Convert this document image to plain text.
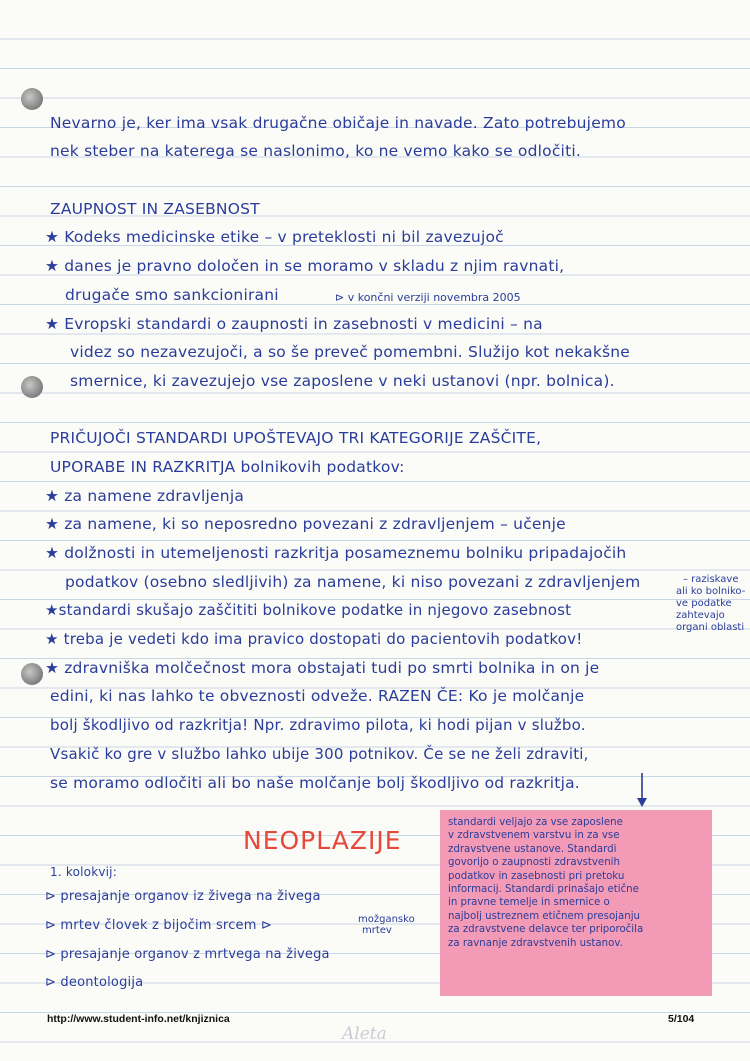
Nevarno je, ker ima vsak drugačne običaje in navade. Zato potrebujemo
nek steber na katerega se naslonimo, ko ne vemo kako se odločiti.
ZAUPNOST IN ZASEBNOST
★ Kodeks medicinske etike – v preteklosti ni bil zavezujoč
★ danes je pravno določen in se moramo v skladu z njim ravnati,
drugače smo sankcionirani	⊳ v končni verziji novembra 2005
★ Evropski standardi o zaupnosti in zasebnosti v medicini – na
videz so nezavezujoči, a so še preveč pomembni. Služijo kot nekakšne
smernice, ki zavezujejo vse zaposlene v neki ustanovi (npr. bolnica).
PRIČUJOČI STANDARDI UPOŠTEVAJO TRI KATEGORIJE ZAŠČITE,
UPORABE IN RAZKRITJA bolnikovih podatkov:
★ za namene zdravljenja
★ za namene, ki so neposredno povezani z zdravljenjem – učenje
★ dolžnosti in utemeljenosti razkritja posameznemu bolniku pripadajočih
podatkov (osebno sledljivih) za namene, ki niso povezani z zdravljenjem	– raziskave
ali ko bolniko-
ve podatke
zahtevajo
organi oblasti
★standardi skušajo zaščititi bolnikove podatke in njegovo zasebnost
★ treba je vedeti kdo ima pravico dostopati do pacientovih podatkov!
★ zdravniška molčečnost mora obstajati tudi po smrti bolnika in on je
edini, ki nas lahko te obveznosti odveže. RAZEN ČE: Ko je molčanje
bolj škodljivo od razkritja! Npr. zdravimo pilota, ki hodi pijan v službo.
Vsakič ko gre v službo lahko ubije 300 potnikov. Če se ne želi zdraviti,
se moramo odločiti ali bo naše molčanje bolj škodljivo od razkritja.
NEOPLAZIJE
1. kolokvij:
⊳ presajanje organov iz živega na živega
⊳ mrtev človek z bijočim srcem ⊳	možgansko
mrtev
⊳ presajanje organov z mrtvega na živega
⊳ deontologija
standardi veljajo za vse zaposlene
v zdravstvenem varstvu in za vse
zdravstvene ustanove. Standardi
govorijo o zaupnosti zdravstvenih
podatkov in zasebnosti pri pretoku
informacij. Standardi prinašajo etične
in pravne temelje in smernice o
najbolj ustreznem etičnem presojanju
za zdravstvene delavce ter priporočila
za ravnanje zdravstvenih ustanov.
http://www.student-info.net/knjiznica	5/104
Aleta
